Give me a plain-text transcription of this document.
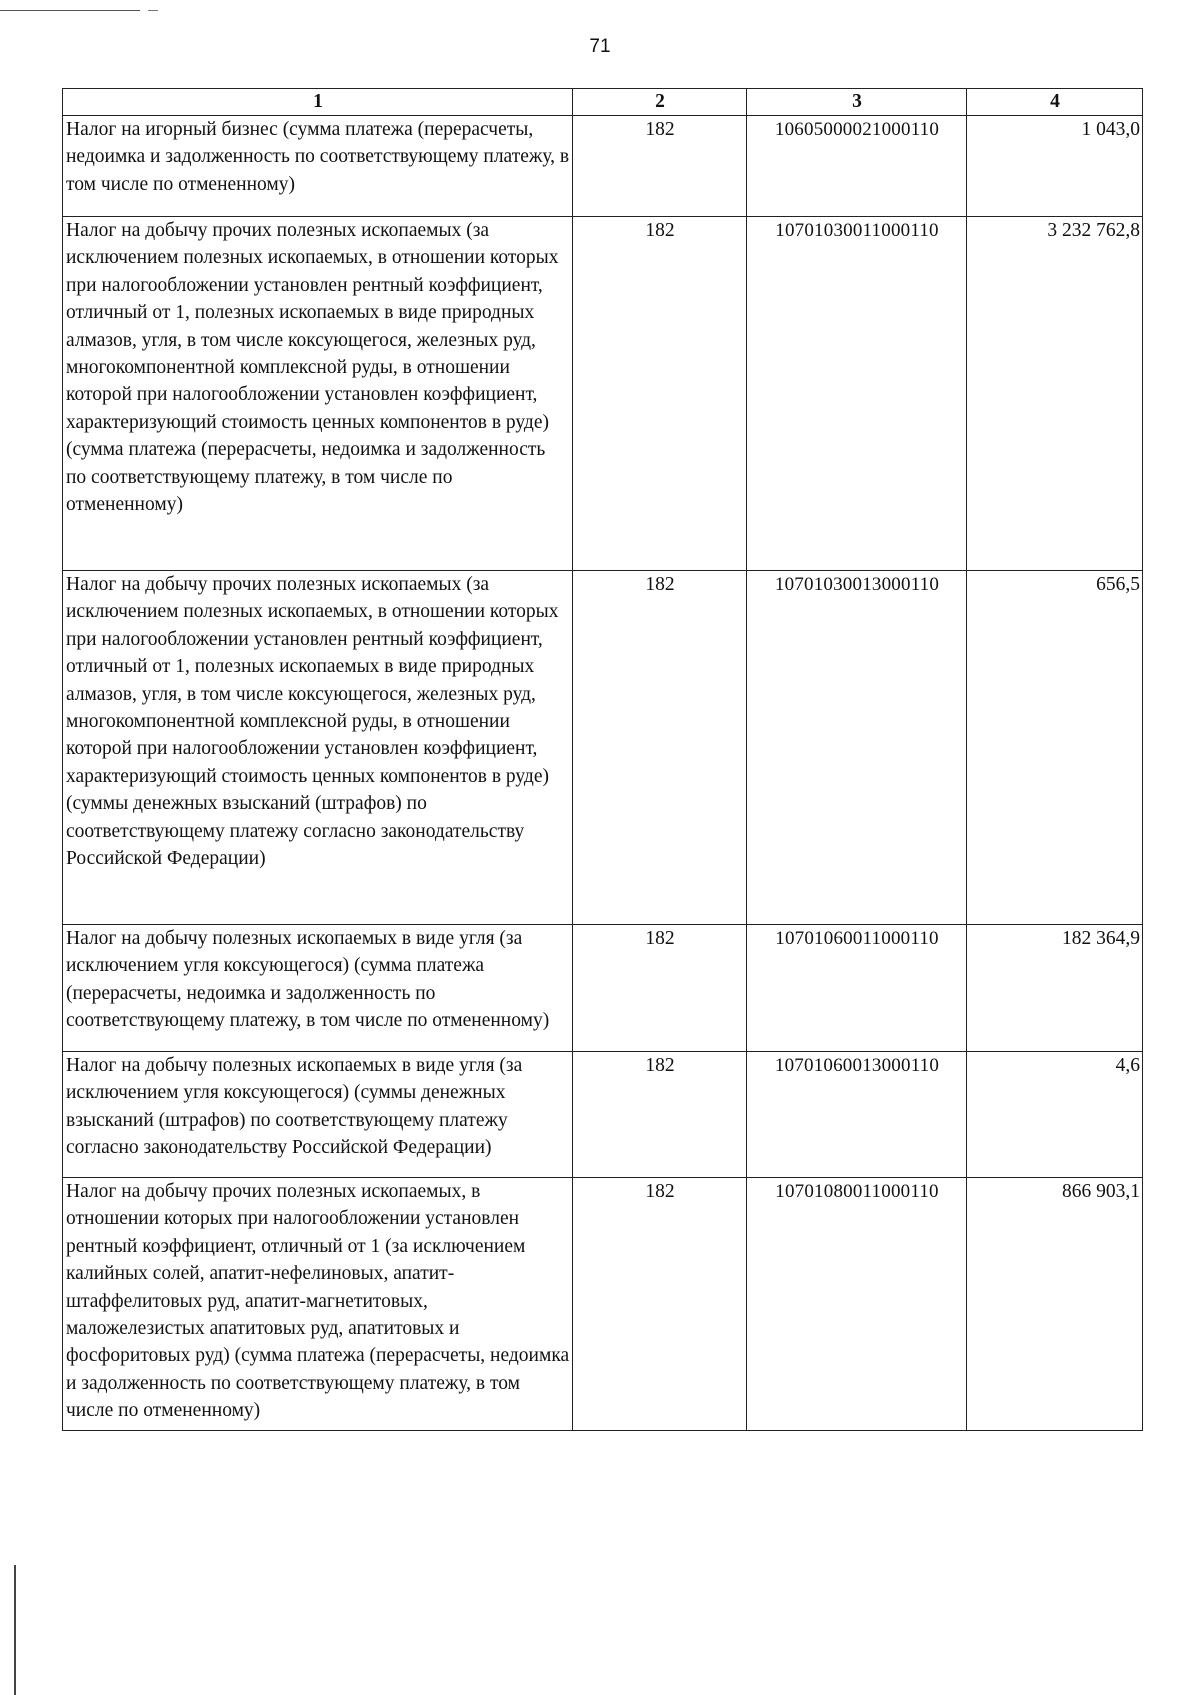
71
1	2	3	4
Налог на игорный бизнес (сумма платежа (перерасчеты, недоимка и задолженность по соответствующему платежу, в том числе по отмененному)	182	10605000021000110	1 043,0
Налог на добычу прочих полезных ископаемых (за исключением полезных ископаемых, в отношении которых при налогообложении установлен рентный коэффициент, отличный от 1, полезных ископаемых в виде природных алмазов, угля, в том числе коксующегося, железных руд, многокомпонентной комплексной руды, в отношении которой при налогообложении установлен коэффициент, характеризующий стоимость ценных компонентов в руде) (сумма платежа (перерасчеты, недоимка и задолженность по соответствующему платежу, в том числе по отмененному)	182	10701030011000110	3 232 762,8
Налог на добычу прочих полезных ископаемых (за исключением полезных ископаемых, в отношении которых при налогообложении установлен рентный коэффициент, отличный от 1, полезных ископаемых в виде природных алмазов, угля, в том числе коксующегося, железных руд, многокомпонентной комплексной руды, в отношении которой при налогообложении установлен коэффициент, характеризующий стоимость ценных компонентов в руде) (суммы денежных взысканий (штрафов) по соответствующему платежу согласно законодательству Российской Федерации)	182	10701030013000110	656,5
Налог на добычу полезных ископаемых в виде угля (за исключением угля коксующегося) (сумма платежа (перерасчеты, недоимка и задолженность по соответствующему платежу, в том числе по отмененному)	182	10701060011000110	182 364,9
Налог на добычу полезных ископаемых в виде угля (за исключением угля коксующегося) (суммы денежных взысканий (штрафов) по соответствующему платежу согласно законодательству Российской Федерации)	182	10701060013000110	4,6
Налог на добычу прочих полезных ископаемых, в отношении которых при налогообложении установлен рентный коэффициент, отличный от 1 (за исключением калийных солей, апатит-нефелиновых, апатит-штаффелитовых руд, апатит-магнетитовых, маложелезистых апатитовых руд, апатитовых и фосфоритовых руд) (сумма платежа (перерасчеты, недоимка и задолженность по соответствующему платежу, в том числе по отмененному)	182	10701080011000110	866 903,1
